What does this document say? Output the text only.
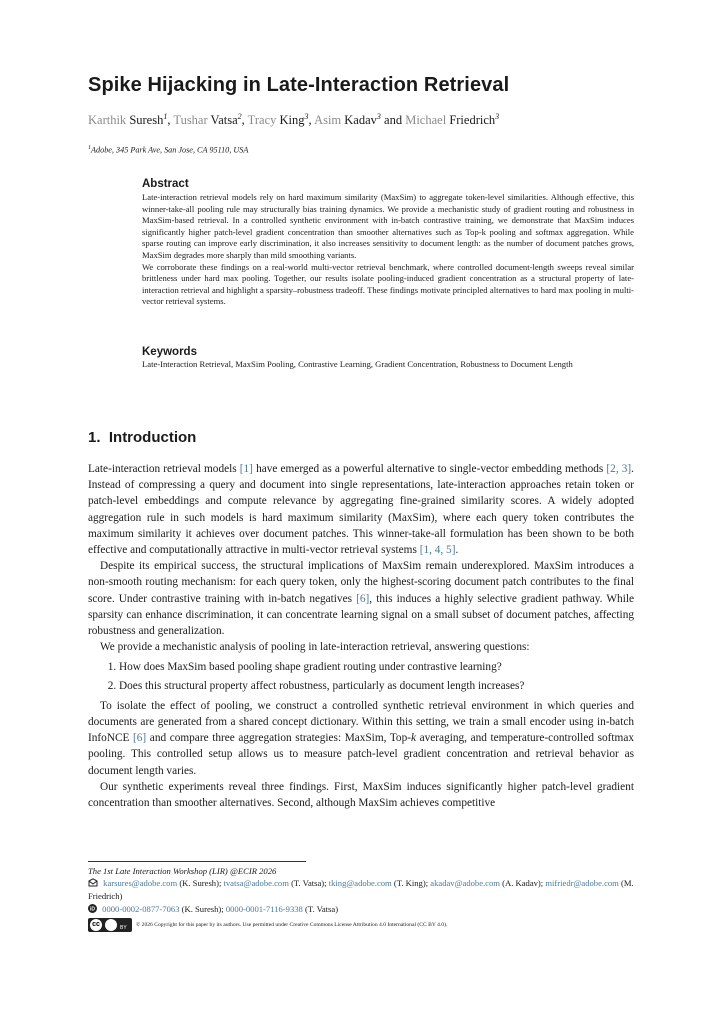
Spike Hijacking in Late-Interaction Retrieval
Karthik Suresh$^1$, Tushar Vatsa$^2$, Tracy King$^3$, Asim Kadav$^3$ and Michael Friedrich$^3$
$^1$Adobe, 345 Park Ave, San Jose, CA 95110, USA
Abstract

Late-interaction retrieval models rely on hard maximum similarity (MaxSim) to aggregate token-level similarities. Although effective, this winner-take-all pooling rule may structurally bias training dynamics. We provide a mechanistic study of gradient routing and robustness in MaxSim-based retrieval. In a controlled synthetic environment with in-batch contrastive training, we demonstrate that MaxSim induces significantly higher patch-level gradient concentration than smoother alternatives such as Top-k pooling and softmax aggregation. While sparse routing can improve early discrimination, it also increases sensitivity to document length: as the number of document patches grows, MaxSim degrades more sharply than mild smoothing variants.

We corroborate these findings on a real-world multi-vector retrieval benchmark, where controlled document-length sweeps reveal similar brittleness under hard max pooling. Together, our results isolate pooling-induced gradient concentration as a structural property of late-interaction retrieval and highlight a sparsity–robustness tradeoff. These findings motivate principled alternatives to hard max pooling in multi-vector retrieval systems.

Keywords

Late-Interaction Retrieval, MaxSim Pooling, Contrastive Learning, Gradient Concentration, Robustness to Document Length

1. Introduction

Late-interaction retrieval models [1] have emerged as a powerful alternative to single-vector embedding methods [2, 3]. Instead of compressing a query and document into single representations, late-interaction approaches retain token or patch-level embeddings and compute relevance by aggregating fine-grained similarity scores. A widely adopted aggregation rule in such models is hard maximum similarity (MaxSim), where each query token contributes the maximum similarity it achieves over document patches. This winner-take-all formulation has been shown to be both effective and computationally attractive in multi-vector retrieval systems [1, 4, 5].

Despite its empirical success, the structural implications of MaxSim remain underexplored. MaxSim introduces a non-smooth routing mechanism: for each query token, only the highest-scoring document patch contributes to the final score. Under contrastive training with in-batch negatives [6], this induces a highly selective gradient pathway. While sparsity can enhance discrimination, it can concentrate learning signal on a small subset of document patches, affecting robustness and generalization.

We provide a mechanistic analysis of pooling in late-interaction retrieval, answering questions:

1. How does MaxSim based pooling shape gradient routing under contrastive learning?
2. Does this structural property affect robustness, particularly as document length increases?

To isolate the effect of pooling, we construct a controlled synthetic retrieval environment in which queries and documents are generated from a shared concept dictionary. Within this setting, we train a small encoder using in-batch InfoNCE [6] and compare three aggregation strategies: MaxSim, Top-k averaging, and temperature-controlled softmax pooling. This controlled setup allows us to measure patch-level gradient concentration and retrieval behavior as document length varies.

Our synthetic experiments reveal three findings. First, MaxSim induces significantly higher patch-level gradient concentration than smoother alternatives. Second, although MaxSim achieves competitive

The 1st Late Interaction Workshop (LIR) @ECIR 2026
karsures@adobe.com (K. Suresh); tvatsa@adobe.com (T. Vatsa); tking@adobe.com (T. King); akadav@adobe.com (A. Kadav); mifriedr@adobe.com (M. Friedrich)
iD 0000-0002-0877-7063 (K. Suresh); 0000-0001-7116-9338 (T. Vatsa)
cc	BY
© 2026 Copyright for this paper by its authors. Use permitted under Creative Commons License Attribution 4.0 International (CC BY 4.0).
